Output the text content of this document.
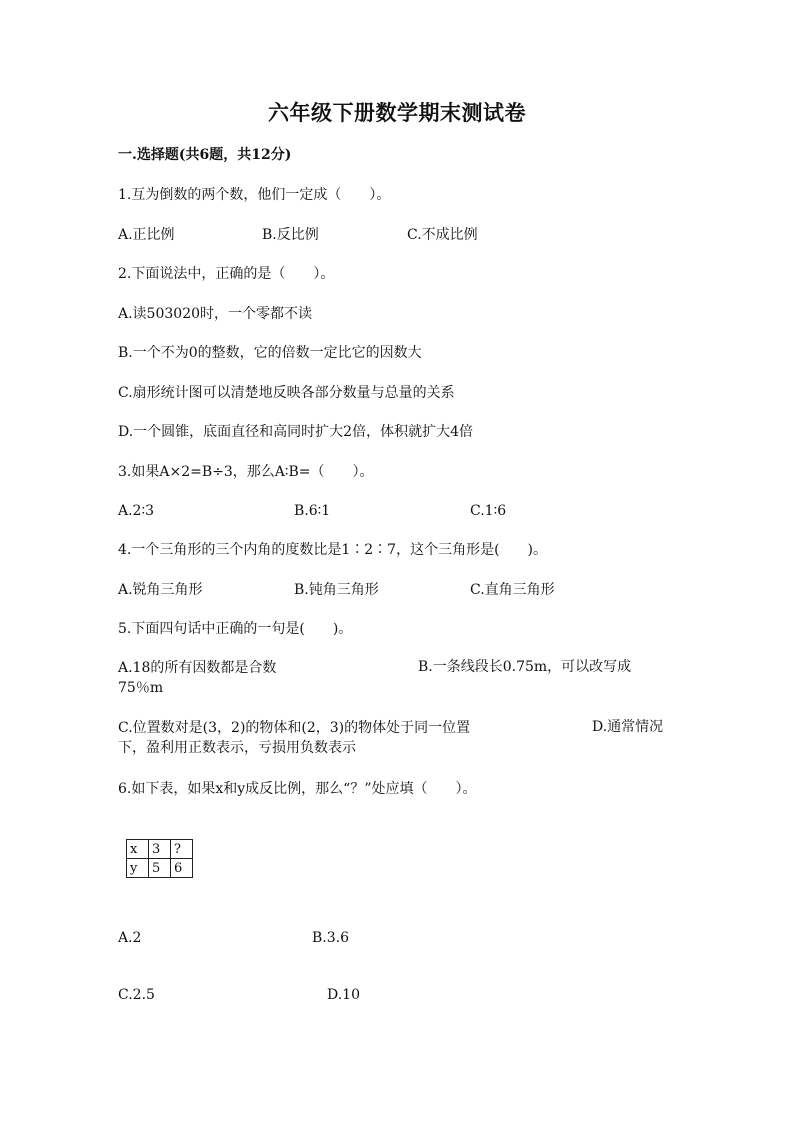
六年级下册数学期末测试卷
一.选择题(共6题，共12分)
1.互为倒数的两个数，他们一定成（　　）。
A.正比例	B.反比例	C.不成比例
2.下面说法中，正确的是（　　）。
A.读503020时，一个零都不读
B.一个不为0的整数，它的倍数一定比它的因数大
C.扇形统计图可以清楚地反映各部分数量与总量的关系
D.一个圆锥，底面直径和高同时扩大2倍，体积就扩大4倍
3.如果A×2=B÷3，那么A∶B=（　　）。
A.2∶3	B.6∶1	C.1∶6
4.一个三角形的三个内角的度数比是1∶2∶7，这个三角形是(　　)。
A.锐角三角形	B.钝角三角形	C.直角三角形
5.下面四句话中正确的一句是(　　)。
A.18的所有因数都是合数	B.一条线段长0.75m，可以改写成75％m
C.位置数对是(3，2)的物体和(2，3)的物体处于同一位置	D.通常情况下，盈利用正数表示，亏损用负数表示
6.如下表，如果x和y成反比例，那么“？”处应填（　　）。
x	3	?
y	5	6
A.2	B.3.6
C.2.5	D.10
